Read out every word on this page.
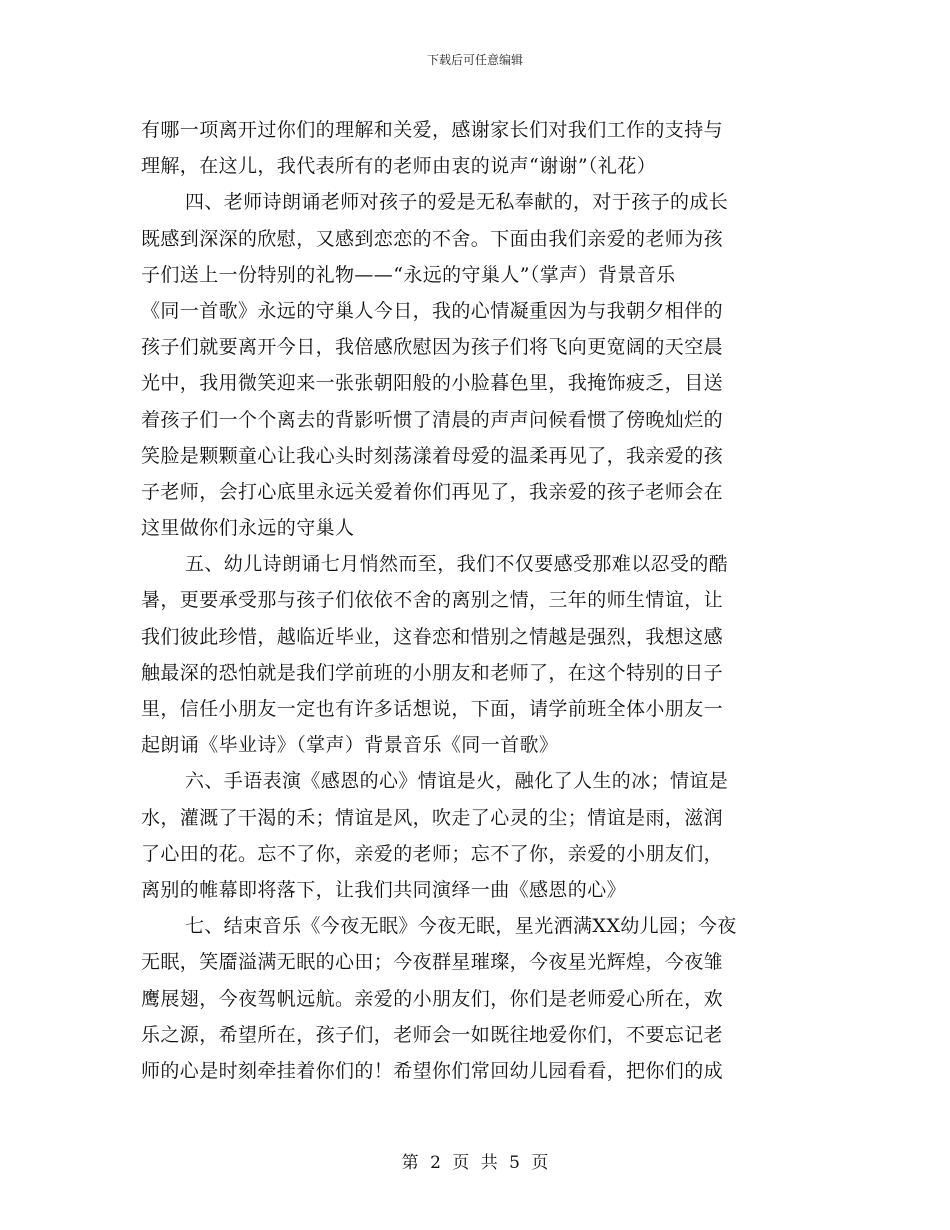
下载后可任意编辑
有哪一项离开过你们的理解和关爱，感谢家长们对我们工作的支持与
理解，在这儿，我代表所有的老师由衷的说声“谢谢”（礼花）
四、老师诗朗诵老师对孩子的爱是无私奉献的，对于孩子的成长
既感到深深的欣慰，又感到恋恋的不舍。下面由我们亲爱的老师为孩
子们送上一份特别的礼物——“永远的守巢人”（掌声）背景音乐
《同一首歌》永远的守巢人今日，我的心情凝重因为与我朝夕相伴的
孩子们就要离开今日，我倍感欣慰因为孩子们将飞向更宽阔的天空晨
光中，我用微笑迎来一张张朝阳般的小脸暮色里，我掩饰疲乏，目送
着孩子们一个个离去的背影听惯了清晨的声声问候看惯了傍晚灿烂的
笑脸是颗颗童心让我心头时刻荡漾着母爱的温柔再见了，我亲爱的孩
子老师，会打心底里永远关爱着你们再见了，我亲爱的孩子老师会在
这里做你们永远的守巢人
五、幼儿诗朗诵七月悄然而至，我们不仅要感受那难以忍受的酷
暑，更要承受那与孩子们依依不舍的离别之情，三年的师生情谊，让
我们彼此珍惜，越临近毕业，这眷恋和惜别之情越是强烈，我想这感
触最深的恐怕就是我们学前班的小朋友和老师了，在这个特别的日子
里，信任小朋友一定也有许多话想说，下面，请学前班全体小朋友一
起朗诵《毕业诗》（掌声）背景音乐《同一首歌》
六、手语表演《感恩的心》情谊是火，融化了人生的冰；情谊是
水，灌溉了干渴的禾；情谊是风，吹走了心灵的尘；情谊是雨，滋润
了心田的花。忘不了你，亲爱的老师；忘不了你，亲爱的小朋友们，
离别的帷幕即将落下，让我们共同演绎一曲《感恩的心》
七、结束音乐《今夜无眠》今夜无眠，星光洒满XX幼儿园；今夜
无眠，笑靥溢满无眠的心田；今夜群星璀璨，今夜星光辉煌，今夜雏
鹰展翅，今夜驾帆远航。亲爱的小朋友们，你们是老师爱心所在，欢
乐之源，希望所在，孩子们，老师会一如既往地爱你们，不要忘记老
师的心是时刻牵挂着你们的！希望你们常回幼儿园看看，把你们的成
第 2 页 共 5 页
